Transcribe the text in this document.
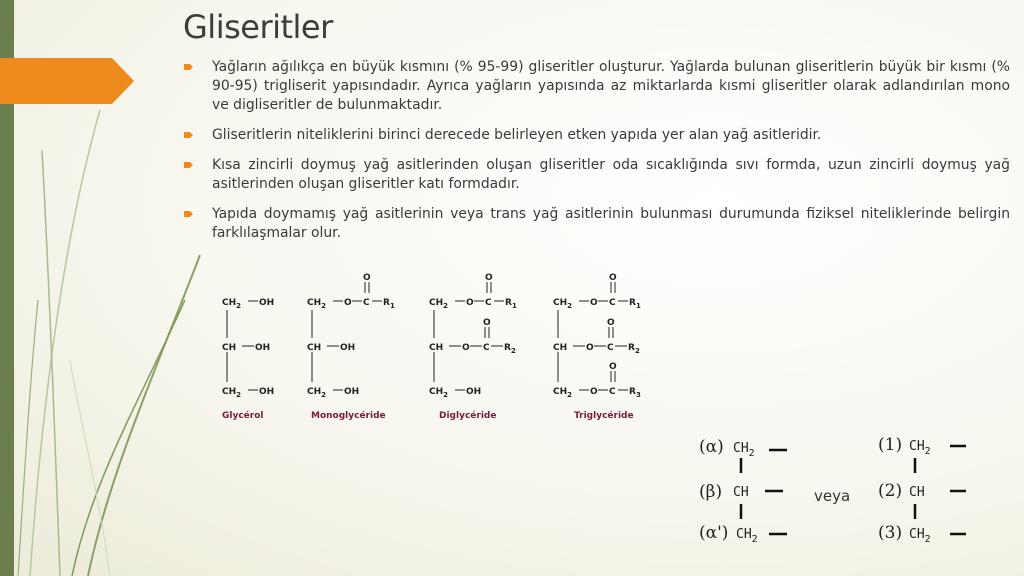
Gliseritler
Yağların ağılıkça en büyük kısmını (% 95-99) gliseritler oluşturur. Yağlarda bulunan gliseritlerin büyük bir kısmı (% 90-95) trigliserit yapısındadır. Ayrıca yağların yapısında az miktarlarda kısmi gliseritler olarak adlandırılan mono ve digliseritler de bulunmaktadır.
Gliseritlerin niteliklerini birinci derecede belirleyen etken yapıda yer alan yağ asitleridir.
Kısa zincirli doymuş yağ asitlerinden oluşan gliseritler oda sıcaklığında sıvı formda, uzun zincirli doymuş yağ asitlerinden oluşan gliseritler katı formdadır.
Yapıda doymamış yağ asitlerinin veya trans yağ asitlerinin bulunması durumunda fiziksel niteliklerinde belirgin farklılaşmalar olur.
$CH_2$ OH
CH OH
$CH_2$ OH
$CH_2$ O C
O
$R_1$
CH OH
$CH_2$ OH
$CH_2$ O C
O
$R_1$
CH O C
O
$R_2$
$CH_2$ OH
$CH_2$ O C
O
$R_1$
CH O C
O
$R_2$
$CH_2$ O C
O
$R_3$
Glycérol	Monoglycéride	Diglycéride	Triglycéride
(α) $CH_2$
(β) CH
(α') $CH_2$
(1) $CH_2$
(2) CH
(3) $CH_2$
veya
